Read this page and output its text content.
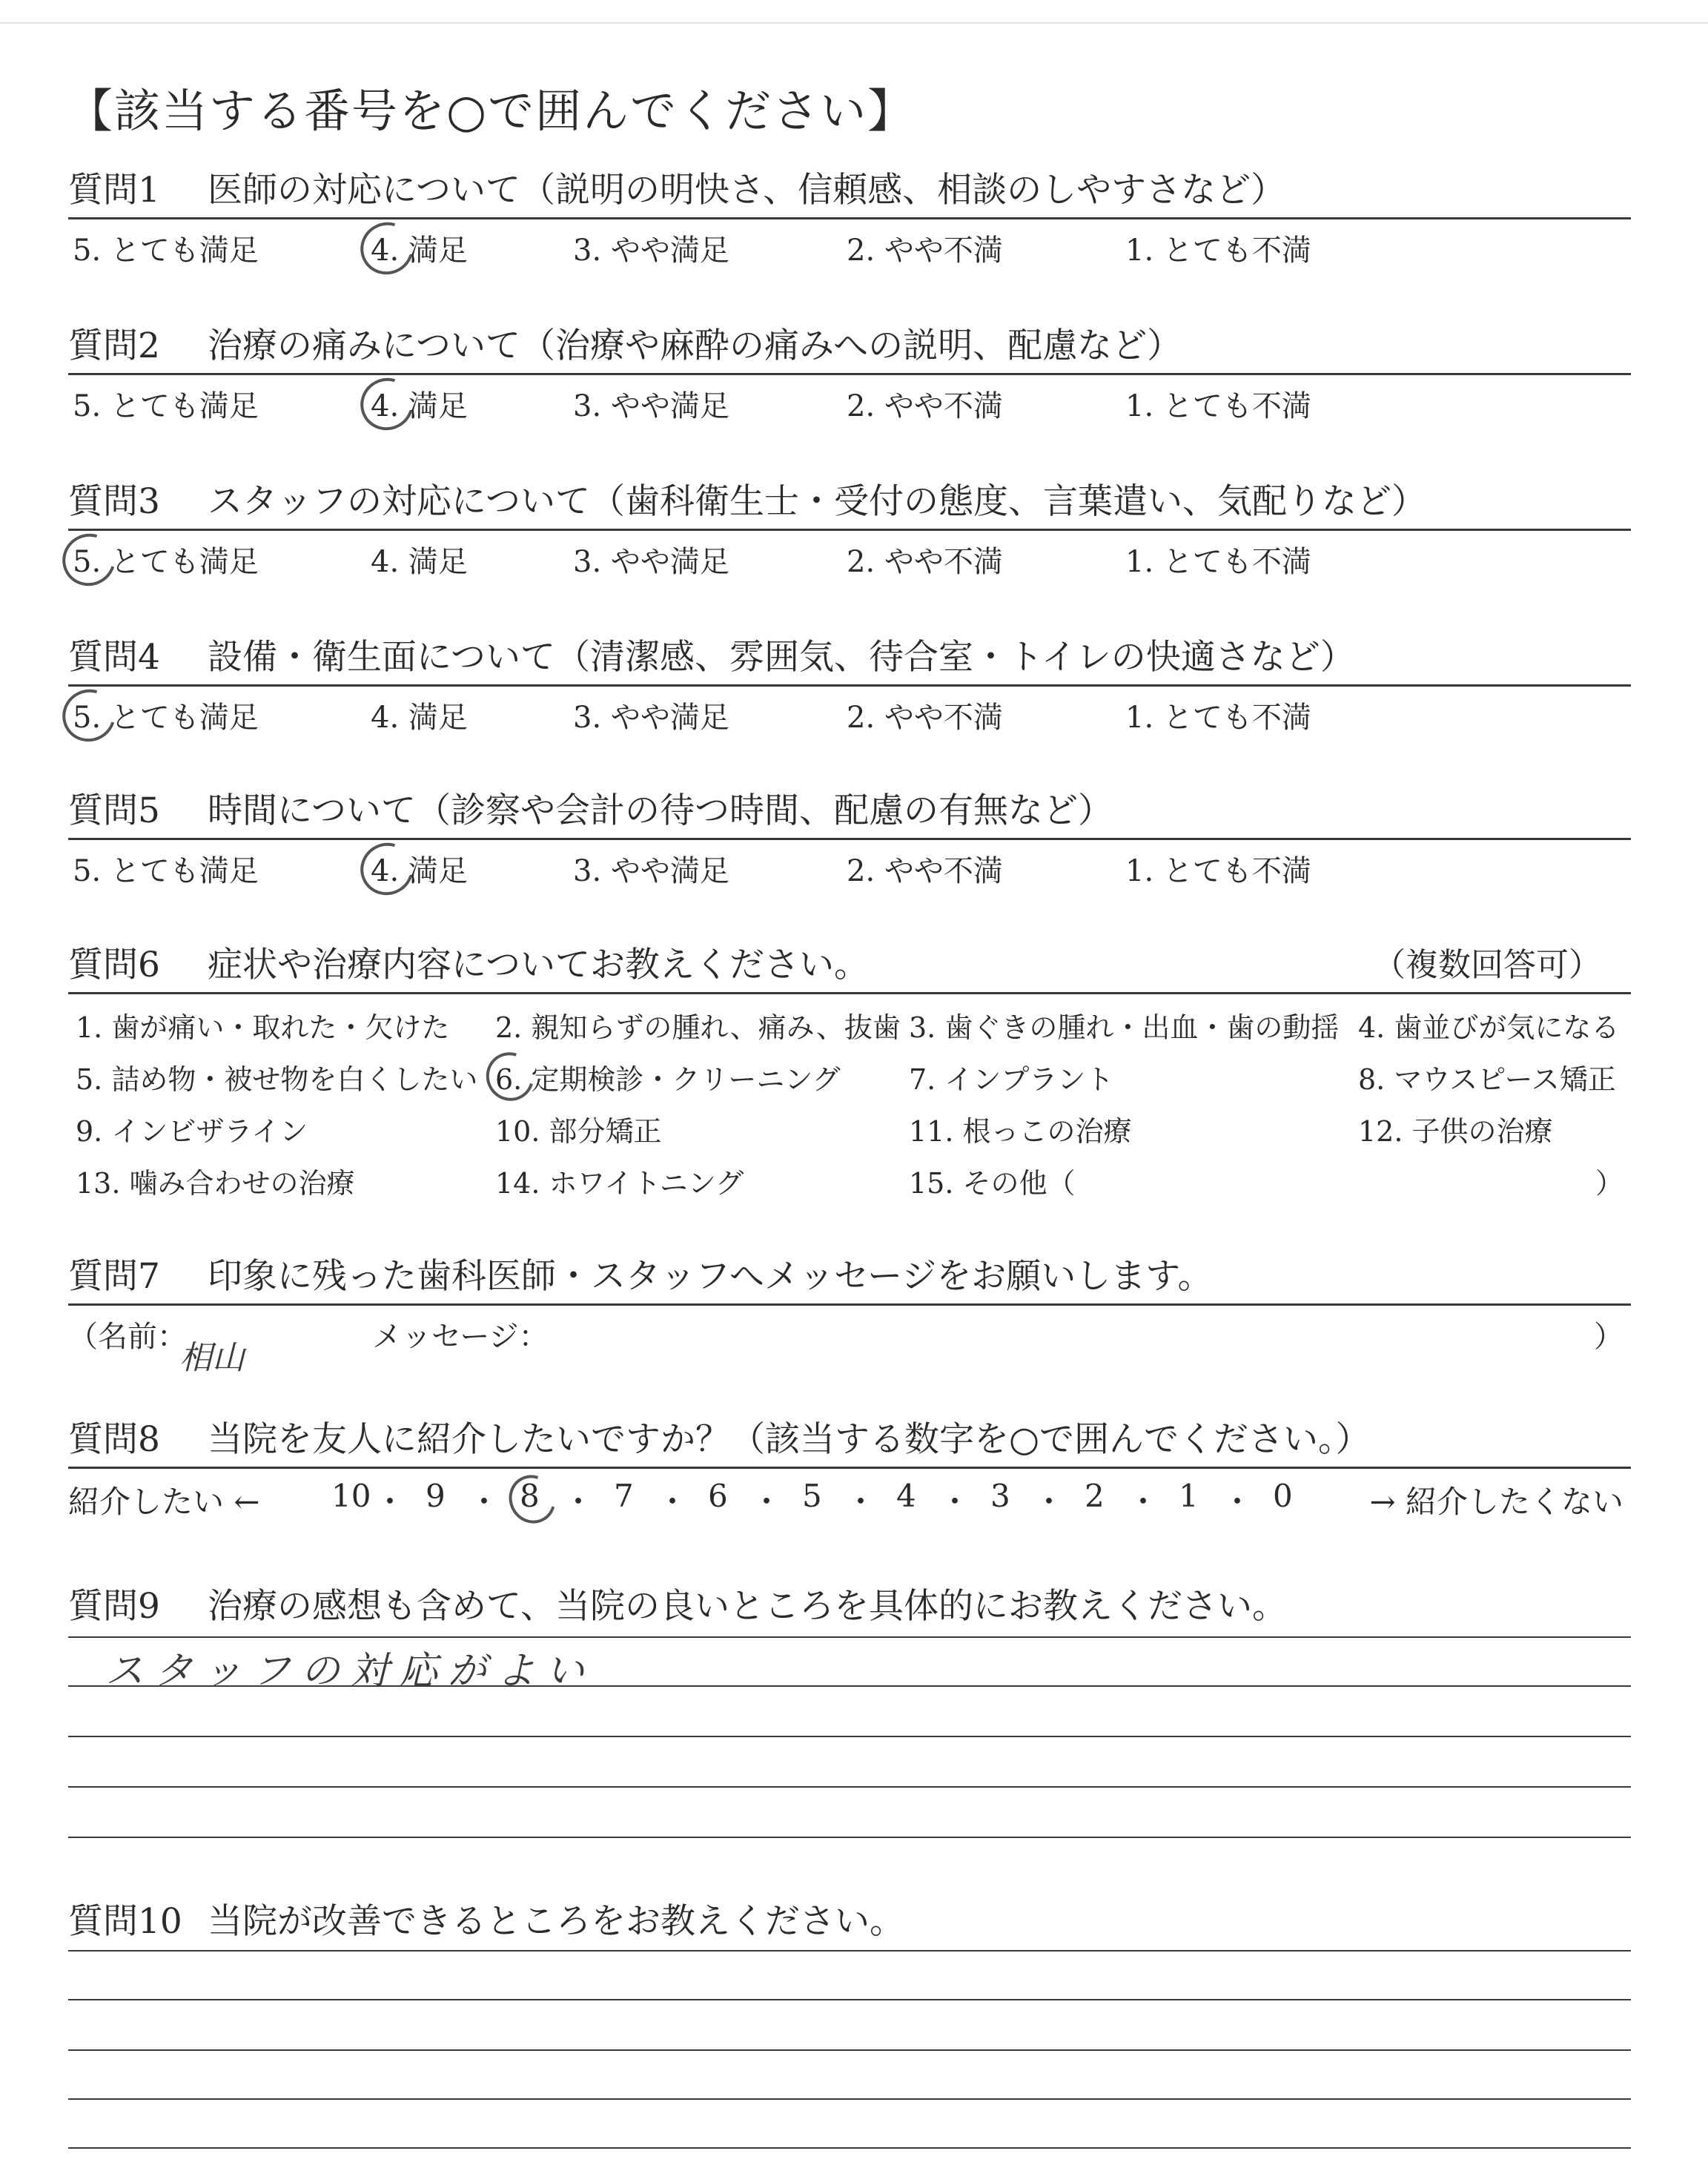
【該当する番号を○で囲んでください】
質問1 医師の対応について（説明の明快さ、信頼感、相談のしやすさなど）
5. とても満足	4. 満足	3. やや満足	2. やや不満	1. とても不満
質問2 治療の痛みについて（治療や麻酔の痛みへの説明、配慮など）
5. とても満足	4. 満足	3. やや満足	2. やや不満	1. とても不満
質問3 スタッフの対応について（歯科衛生士・受付の態度、言葉遣い、気配りなど）
5. とても満足	4. 満足	3. やや満足	2. やや不満	1. とても不満
質問4 設備・衛生面について（清潔感、雰囲気、待合室・トイレの快適さなど）
5. とても満足	4. 満足	3. やや満足	2. やや不満	1. とても不満
質問5 時間について（診察や会計の待つ時間、配慮の有無など）
5. とても満足	4. 満足	3. やや満足	2. やや不満	1. とても不満
質問6 症状や治療内容についてお教えください。	（複数回答可）
1. 歯が痛い・取れた・欠けた 2. 親知らずの腫れ、痛み、抜歯 3. 歯ぐきの腫れ・出血・歯の動揺 4. 歯並びが気になる
5. 詰め物・被せ物を白くしたい 6. 定期検診・クリーニング 7. インプラント	8. マウスピース矯正
9. インビザライン	10. 部分矯正	11. 根っこの治療	12. 子供の治療
13. 噛み合わせの治療	14. ホワイトニング	15. その他（	）
質問7 印象に残った歯科医師・スタッフへメッセージをお願いします。
（名前：
相山
メッセージ：	）
質問8 当院を友人に紹介したいですか？（該当する数字を○で囲んでください。）
紹介したい ←	→ 紹介したくない
10 ・ 9 ・ 8 ・ 7 ・ 6 ・ 5 ・ 4 ・ 3 ・ 2 ・ 1 ・ 0
質問9 治療の感想も含めて、当院の良いところを具体的にお教えください。
スタッフの対応がよい
質問10 当院が改善できるところをお教えください。
